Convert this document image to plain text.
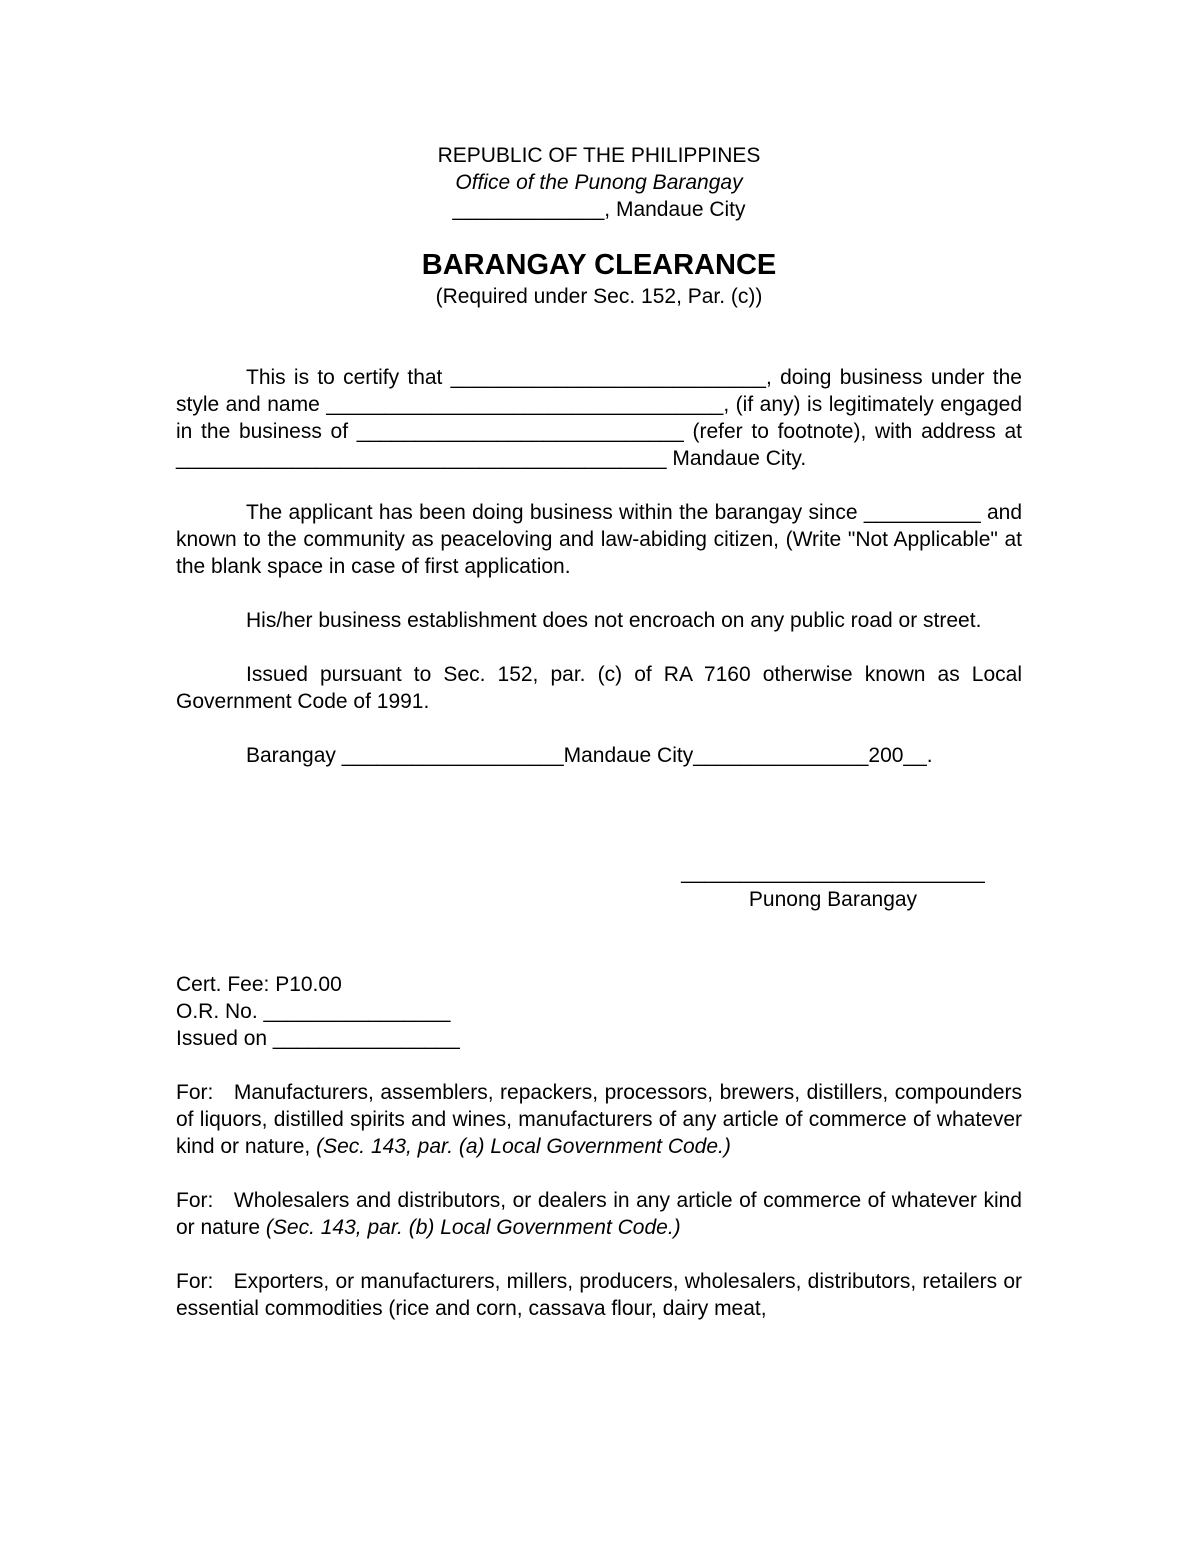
REPUBLIC OF THE PHILIPPINES
Office of the Punong Barangay
_____________, Mandaue City
BARANGAY CLEARANCE
(Required under Sec. 152, Par. (c))
This is to certify that ___________________________, doing business under the style and name __________________________________, (if any) is legitimately engaged in the business of ____________________________ (refer to footnote), with address at __________________________________________ Mandaue City.
The applicant has been doing business within the barangay since __________ and known to the community as peaceloving and law-abiding citizen, (Write "Not Applicable" at the blank space in case of first application.
His/her business establishment does not encroach on any public road or street.
Issued pursuant to Sec. 152, par. (c) of RA 7160 otherwise known as Local Government Code of 1991.
Barangay ___________________Mandaue City_______________200__.
__________________________
Punong Barangay
Cert. Fee: P10.00
O.R. No. ________________
Issued on ________________
For: Manufacturers, assemblers, repackers, processors, brewers, distillers, compounders of liquors, distilled spirits and wines, manufacturers of any article of commerce of whatever kind or nature, (Sec. 143, par. (a) Local Government Code.)
For: Wholesalers and distributors, or dealers in any article of commerce of whatever kind or nature (Sec. 143, par. (b) Local Government Code.)
For: Exporters, or manufacturers, millers, producers, wholesalers, distributors, retailers or essential commodities (rice and corn, cassava flour, dairy meat,
